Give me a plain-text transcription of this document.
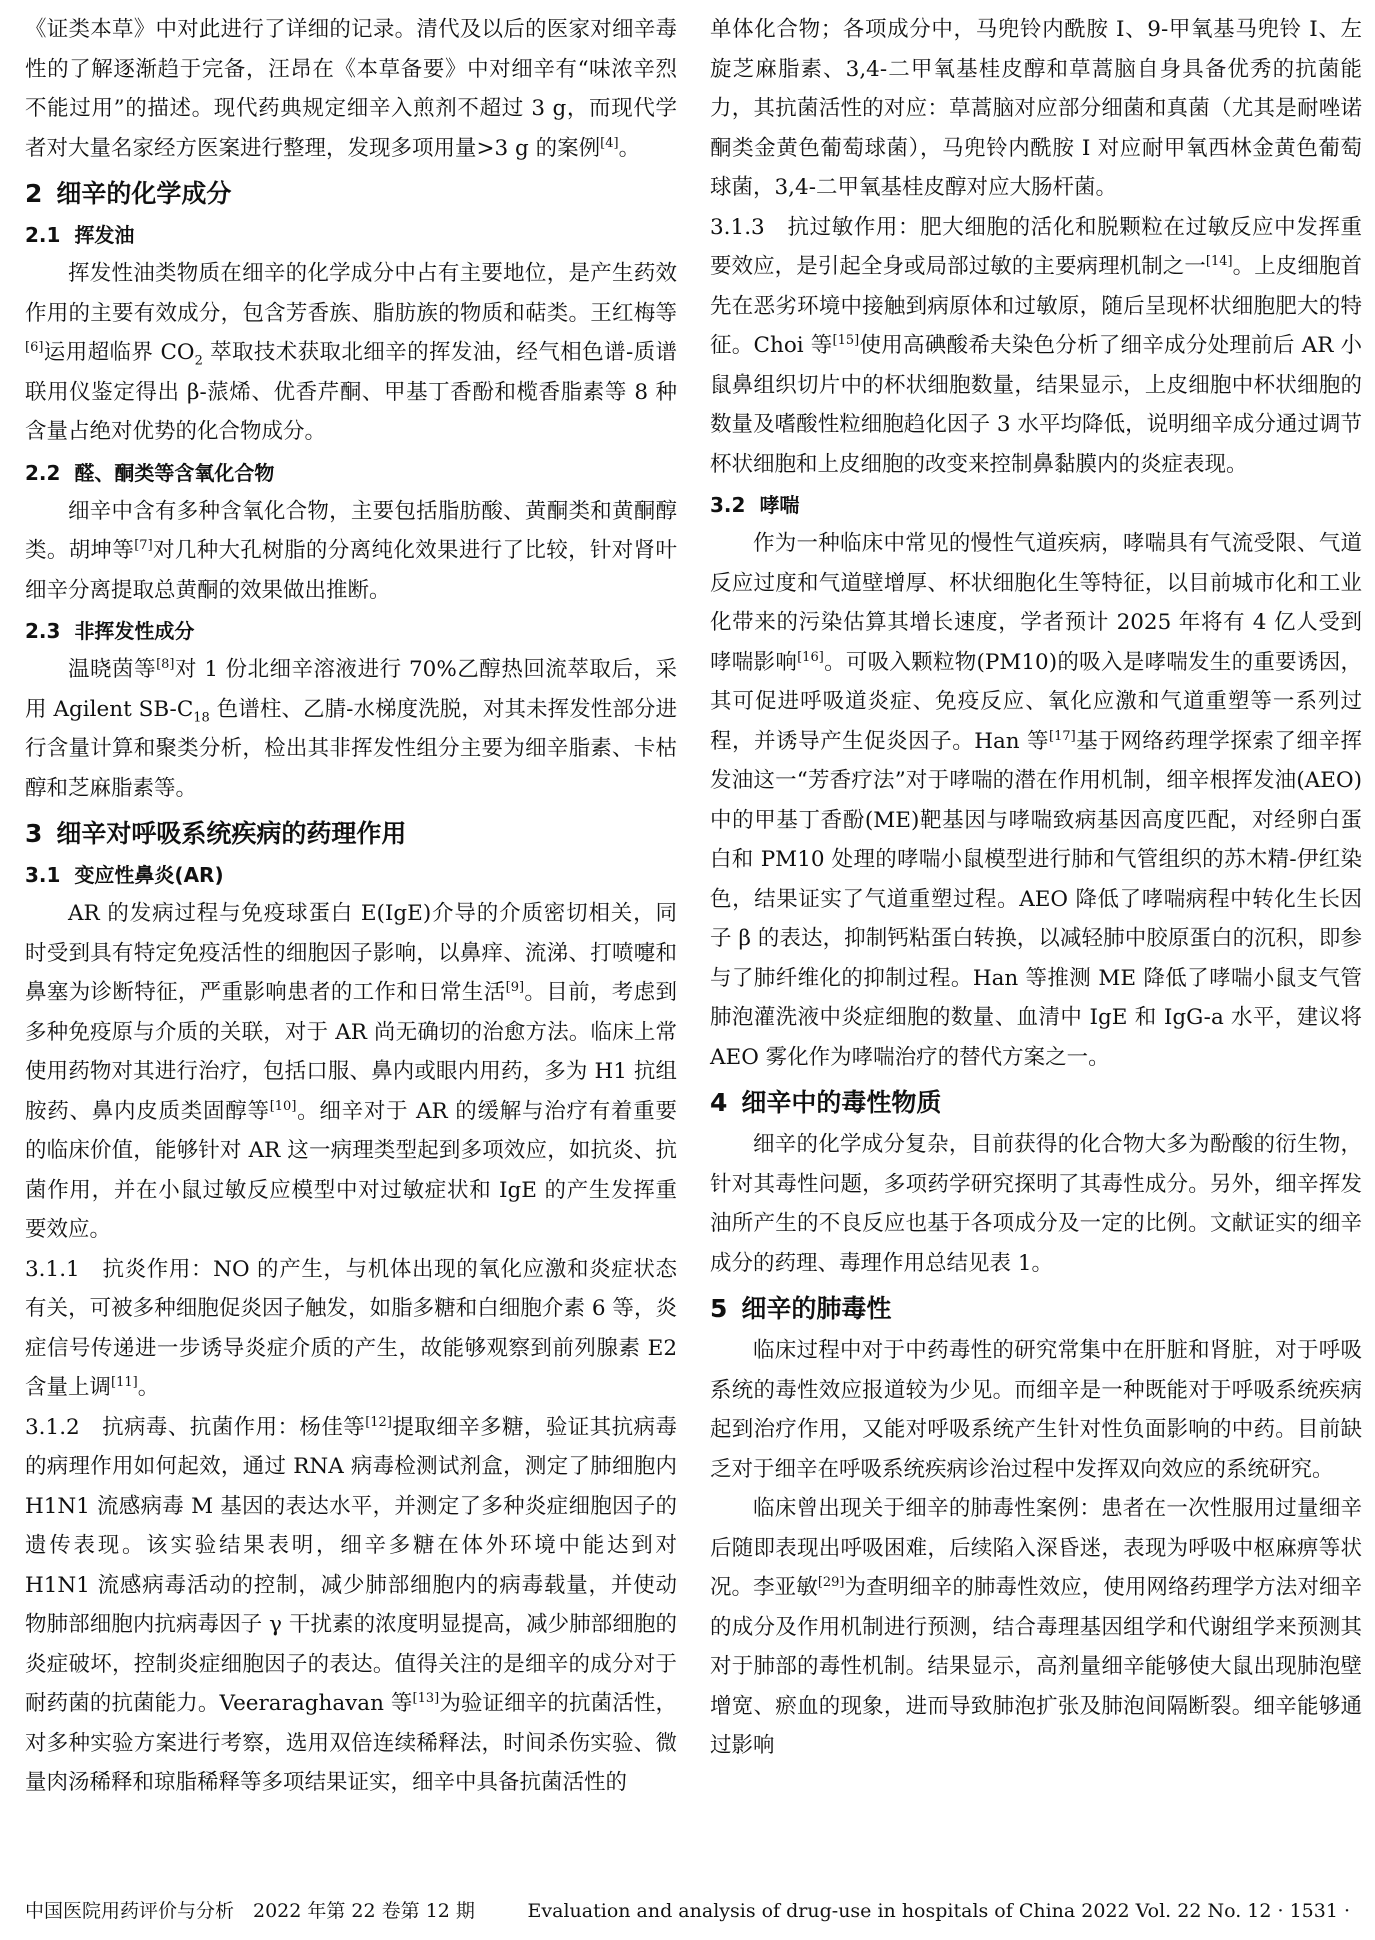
《证类本草》中对此进行了详细的记录。清代及以后的医家对细辛毒性的了解逐渐趋于完备，汪昂在《本草备要》中对细辛有“味浓辛烈不能过用”的描述。现代药典规定细辛入煎剂不超过 3 g，而现代学者对大量名家经方医案进行整理，发现多项用量>3 g 的案例[4]。

2 细辛的化学成分
2.1 挥发油

挥发性油类物质在细辛的化学成分中占有主要地位，是产生药效作用的主要有效成分，包含芳香族、脂肪族的物质和萜类。王红梅等[6]运用超临界 $CO_2$ 萃取技术获取北细辛的挥发油，经气相色谱-质谱联用仪鉴定得出 β-蒎烯、优香芹酮、甲基丁香酚和榄香脂素等 8 种含量占绝对优势的化合物成分。

2.2 醛、酮类等含氧化合物

细辛中含有多种含氧化合物，主要包括脂肪酸、黄酮类和黄酮醇类。胡坤等[7]对几种大孔树脂的分离纯化效果进行了比较，针对肾叶细辛分离提取总黄酮的效果做出推断。

2.3 非挥发性成分

温晓茵等[8]对 1 份北细辛溶液进行 70%乙醇热回流萃取后，采用 Agilent $SB-C_{18}$ 色谱柱、乙腈-水梯度洗脱，对其未挥发性部分进行含量计算和聚类分析，检出其非挥发性组分主要为细辛脂素、卡枯醇和芝麻脂素等。

3 细辛对呼吸系统疾病的药理作用
3.1 变应性鼻炎(AR)

AR 的发病过程与免疫球蛋白 E(IgE)介导的介质密切相关，同时受到具有特定免疫活性的细胞因子影响，以鼻痒、流涕、打喷嚏和鼻塞为诊断特征，严重影响患者的工作和日常生活[9]。目前，考虑到多种免疫原与介质的关联，对于 AR 尚无确切的治愈方法。临床上常使用药物对其进行治疗，包括口服、鼻内或眼内用药，多为 H1 抗组胺药、鼻内皮质类固醇等[10]。细辛对于 AR 的缓解与治疗有着重要的临床价值，能够针对 AR 这一病理类型起到多项效应，如抗炎、抗菌作用，并在小鼠过敏反应模型中对过敏症状和 IgE 的产生发挥重要效应。

3.1.1　抗炎作用：NO 的产生，与机体出现的氧化应激和炎症状态有关，可被多种细胞促炎因子触发，如脂多糖和白细胞介素 6 等，炎症信号传递进一步诱导炎症介质的产生，故能够观察到前列腺素 E2 含量上调[11]。

3.1.2　抗病毒、抗菌作用：杨佳等[12]提取细辛多糖，验证其抗病毒的病理作用如何起效，通过 RNA 病毒检测试剂盒，测定了肺细胞内 H1N1 流感病毒 M 基因的表达水平，并测定了多种炎症细胞因子的遗传表现。该实验结果表明，细辛多糖在体外环境中能达到对 H1N1 流感病毒活动的控制，减少肺部细胞内的病毒载量，并使动物肺部细胞内抗病毒因子 γ 干扰素的浓度明显提高，减少肺部细胞的炎症破坏，控制炎症细胞因子的表达。值得关注的是细辛的成分对于耐药菌的抗菌能力。Veeraraghavan 等[13]为验证细辛的抗菌活性，对多种实验方案进行考察，选用双倍连续稀释法，时间杀伤实验、微量肉汤稀释和琼脂稀释等多项结果证实，细辛中具备抗菌活性的

单体化合物；各项成分中，马兜铃内酰胺 I、9-甲氧基马兜铃 I、左旋芝麻脂素、3,4-二甲氧基桂皮醇和草蒿脑自身具备优秀的抗菌能力，其抗菌活性的对应：草蒿脑对应部分细菌和真菌（尤其是耐唑诺酮类金黄色葡萄球菌），马兜铃内酰胺 I 对应耐甲氧西林金黄色葡萄球菌，3,4-二甲氧基桂皮醇对应大肠杆菌。

3.1.3　抗过敏作用：肥大细胞的活化和脱颗粒在过敏反应中发挥重要效应，是引起全身或局部过敏的主要病理机制之一[14]。上皮细胞首先在恶劣环境中接触到病原体和过敏原，随后呈现杯状细胞肥大的特征。Choi 等[15]使用高碘酸希夫染色分析了细辛成分处理前后 AR 小鼠鼻组织切片中的杯状细胞数量，结果显示，上皮细胞中杯状细胞的数量及嗜酸性粒细胞趋化因子 3 水平均降低，说明细辛成分通过调节杯状细胞和上皮细胞的改变来控制鼻黏膜内的炎症表现。

3.2 哮喘

作为一种临床中常见的慢性气道疾病，哮喘具有气流受限、气道反应过度和气道壁增厚、杯状细胞化生等特征，以目前城市化和工业化带来的污染估算其增长速度，学者预计 2025 年将有 4 亿人受到哮喘影响[16]。可吸入颗粒物(PM10)的吸入是哮喘发生的重要诱因，其可促进呼吸道炎症、免疫反应、氧化应激和气道重塑等一系列过程，并诱导产生促炎因子。Han 等[17]基于网络药理学探索了细辛挥发油这一“芳香疗法”对于哮喘的潜在作用机制，细辛根挥发油(AEO)中的甲基丁香酚(ME)靶基因与哮喘致病基因高度匹配，对经卵白蛋白和 PM10 处理的哮喘小鼠模型进行肺和气管组织的苏木精-伊红染色，结果证实了气道重塑过程。AEO 降低了哮喘病程中转化生长因子 β 的表达，抑制钙粘蛋白转换，以减轻肺中胶原蛋白的沉积，即参与了肺纤维化的抑制过程。Han 等推测 ME 降低了哮喘小鼠支气管肺泡灌洗液中炎症细胞的数量、血清中 IgE 和 IgG-a 水平，建议将 AEO 雾化作为哮喘治疗的替代方案之一。

4 细辛中的毒性物质

细辛的化学成分复杂，目前获得的化合物大多为酚酸的衍生物，针对其毒性问题，多项药学研究探明了其毒性成分。另外，细辛挥发油所产生的不良反应也基于各项成分及一定的比例。文献证实的细辛成分的药理、毒理作用总结见表 1。

5 细辛的肺毒性

临床过程中对于中药毒性的研究常集中在肝脏和肾脏，对于呼吸系统的毒性效应报道较为少见。而细辛是一种既能对于呼吸系统疾病起到治疗作用，又能对呼吸系统产生针对性负面影响的中药。目前缺乏对于细辛在呼吸系统疾病诊治过程中发挥双向效应的系统研究。

临床曾出现关于细辛的肺毒性案例：患者在一次性服用过量细辛后随即表现出呼吸困难，后续陷入深昏迷，表现为呼吸中枢麻痹等状况。李亚敏[29]为查明细辛的肺毒性效应，使用网络药理学方法对细辛的成分及作用机制进行预测，结合毒理基因组学和代谢组学来预测其对于肺部的毒性机制。结果显示，高剂量细辛能够使大鼠出现肺泡壁增宽、瘀血的现象，进而导致肺泡扩张及肺泡间隔断裂。细辛能够通过影响

中国医院用药评价与分析　2022 年第 22 卷第 12 期	Evaluation and analysis of drug-use in hospitals of China 2022 Vol. 22 No. 12 · 1531 ·
